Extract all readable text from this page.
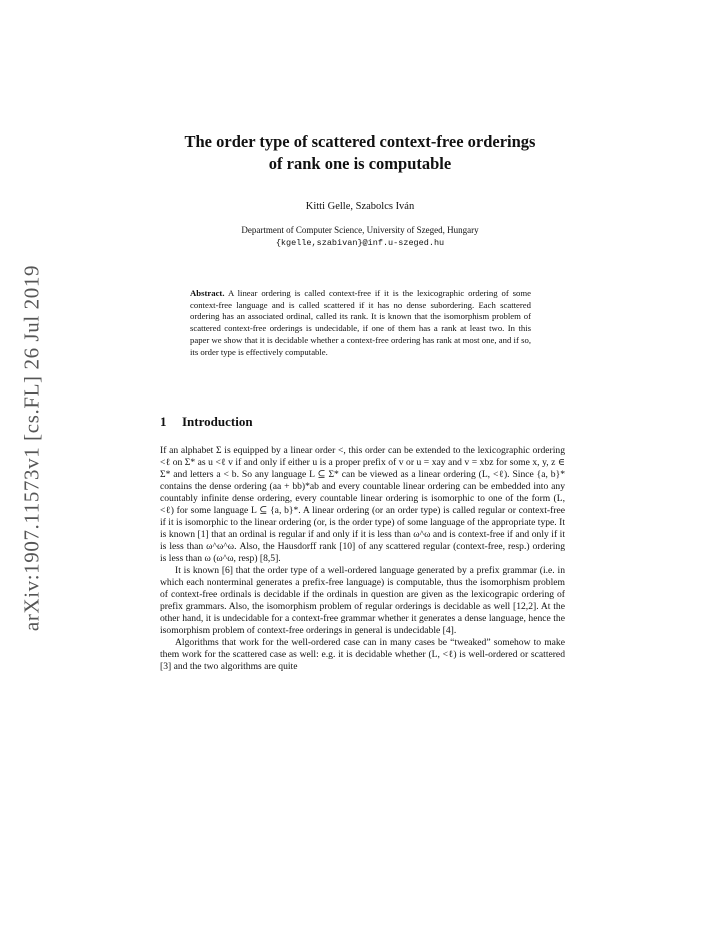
arXiv:1907.11573v1 [cs.FL] 26 Jul 2019
The order type of scattered context-free orderings
of rank one is computable
Kitti Gelle, Szabolcs Iván
Department of Computer Science, University of Szeged, Hungary
{kgelle,szabivan}@inf.u-szeged.hu
Abstract. A linear ordering is called context-free if it is the lexicographic ordering of some context-free language and is called scattered if it has no dense subordering. Each scattered ordering has an associated ordinal, called its rank. It is known that the isomorphism problem of scattered context-free orderings is undecidable, if one of them has a rank at least two. In this paper we show that it is decidable whether a context-free ordering has rank at most one, and if so, its order type is effectively computable.
1 Introduction

If an alphabet Σ is equipped by a linear order <, this order can be extended to the lexicographic ordering <ℓ on Σ* as u <ℓ v if and only if either u is a proper prefix of v or u = xay and v = xbz for some x, y, z ∈ Σ* and letters a < b. So any language L ⊆ Σ* can be viewed as a linear ordering (L, <ℓ). Since {a, b}* contains the dense ordering (aa + bb)*ab and every countable linear ordering can be embedded into any countably infinite dense ordering, every countable linear ordering is isomorphic to one of the form (L, <ℓ) for some language L ⊆ {a, b}*. A linear ordering (or an order type) is called regular or context-free if it is isomorphic to the linear ordering (or, is the order type) of some language of the appropriate type. It is known [1] that an ordinal is regular if and only if it is less than ω^ω and is context-free if and only if it is less than ω^ω^ω. Also, the Hausdorff rank [10] of any scattered regular (context-free, resp.) ordering is less than ω (ω^ω, resp) [8,5].

It is known [6] that the order type of a well-ordered language generated by a prefix grammar (i.e. in which each nonterminal generates a prefix-free language) is computable, thus the isomorphism problem of context-free ordinals is decidable if the ordinals in question are given as the lexicograpic ordering of prefix grammars. Also, the isomorphism problem of regular orderings is decidable as well [12,2]. At the other hand, it is undecidable for a context-free grammar whether it generates a dense language, hence the isomorphism problem of context-free orderings in general is undecidable [4].

Algorithms that work for the well-ordered case can in many cases be “tweaked” somehow to make them work for the scattered case as well: e.g. it is decidable whether (L, <ℓ) is well-ordered or scattered [3] and the two algorithms are quite
